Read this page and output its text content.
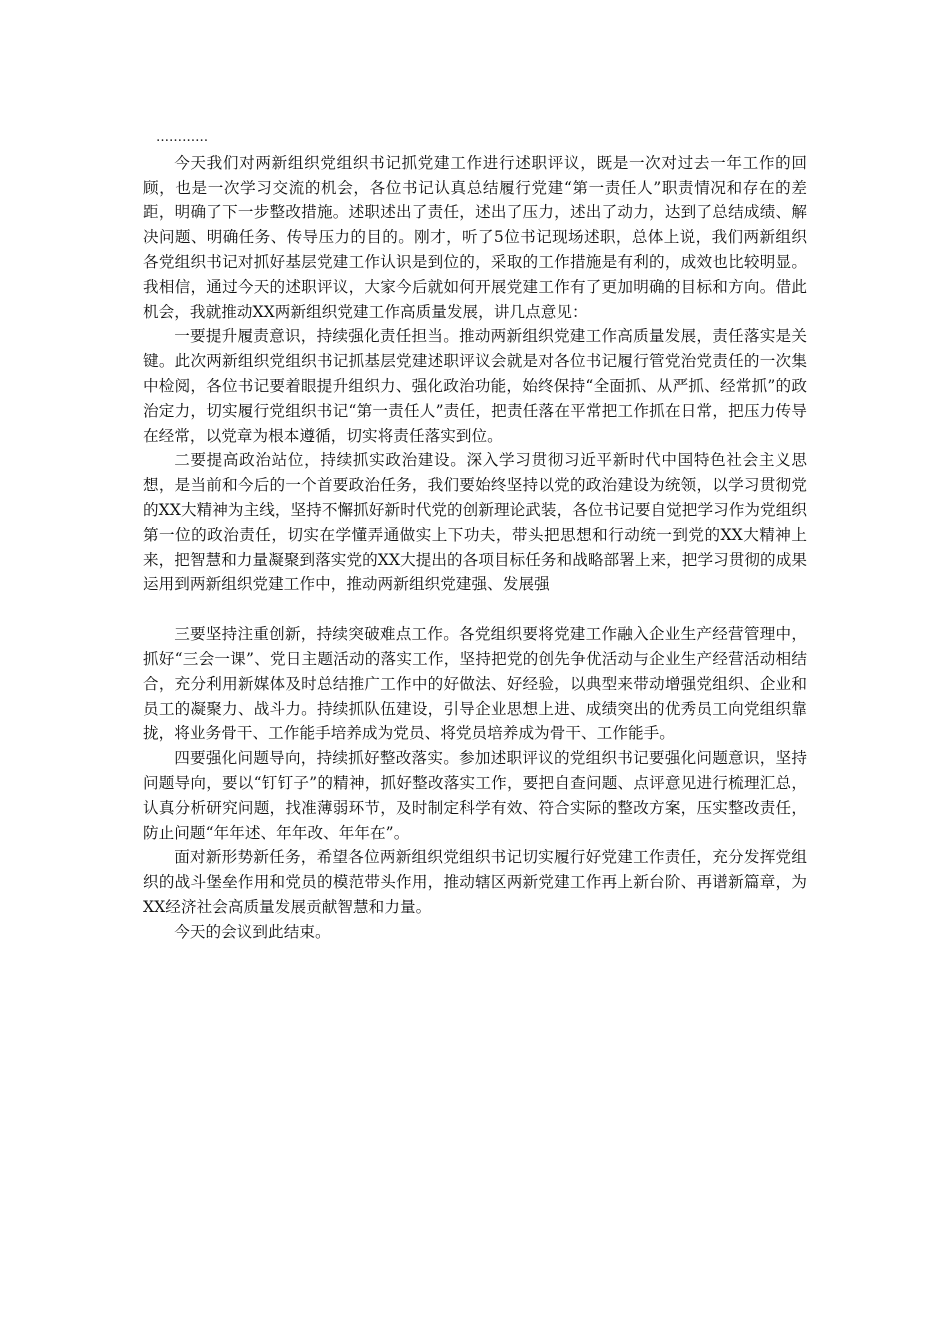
…………

今天我们对两新组织党组织书记抓党建工作进行述职评议，既是一次对过去一年工作的回顾，也是一次学习交流的机会，各位书记认真总结履行党建“第一责任人”职责情况和存在的差距，明确了下一步整改措施。述职述出了责任，述出了压力，述出了动力，达到了总结成绩、解决问题、明确任务、传导压力的目的。刚才，听了5位书记现场述职，总体上说，我们两新组织各党组织书记对抓好基层党建工作认识是到位的，采取的工作措施是有利的，成效也比较明显。我相信，通过今天的述职评议，大家今后就如何开展党建工作有了更加明确的目标和方向。借此机会，我就推动XX两新组织党建工作高质量发展，讲几点意见：

一要提升履责意识，持续强化责任担当。推动两新组织党建工作高质量发展，责任落实是关键。此次两新组织党组织书记抓基层党建述职评议会就是对各位书记履行管党治党责任的一次集中检阅，各位书记要着眼提升组织力、强化政治功能，始终保持“全面抓、从严抓、经常抓”的政治定力，切实履行党组织书记“第一责任人”责任，把责任落在平常把工作抓在日常，把压力传导在经常，以党章为根本遵循，切实将责任落实到位。

二要提高政治站位，持续抓实政治建设。深入学习贯彻习近平新时代中国特色社会主义思想，是当前和今后的一个首要政治任务，我们要始终坚持以党的政治建设为统领，以学习贯彻党的XX大精神为主线，坚持不懈抓好新时代党的创新理论武装，各位书记要自觉把学习作为党组织第一位的政治责任，切实在学懂弄通做实上下功夫，带头把思想和行动统一到党的XX大精神上来，把智慧和力量凝聚到落实党的XX大提出的各项目标任务和战略部署上来，把学习贯彻的成果运用到两新组织党建工作中，推动两新组织党建强、发展强

三要坚持注重创新，持续突破难点工作。各党组织要将党建工作融入企业生产经营管理中，抓好“三会一课”、党日主题活动的落实工作，坚持把党的创先争优活动与企业生产经营活动相结合，充分利用新媒体及时总结推广工作中的好做法、好经验，以典型来带动增强党组织、企业和员工的凝聚力、战斗力。持续抓队伍建设，引导企业思想上进、成绩突出的优秀员工向党组织靠拢，将业务骨干、工作能手培养成为党员、将党员培养成为骨干、工作能手。

四要强化问题导向，持续抓好整改落实。参加述职评议的党组织书记要强化问题意识，坚持问题导向，要以“钉钉子”的精神，抓好整改落实工作，要把自查问题、点评意见进行梳理汇总，认真分析研究问题，找准薄弱环节，及时制定科学有效、符合实际的整改方案，压实整改责任，防止问题“年年述、年年改、年年在”。

面对新形势新任务，希望各位两新组织党组织书记切实履行好党建工作责任，充分发挥党组织的战斗堡垒作用和党员的模范带头作用，推动辖区两新党建工作再上新台阶、再谱新篇章，为XX经济社会高质量发展贡献智慧和力量。

今天的会议到此结束。
